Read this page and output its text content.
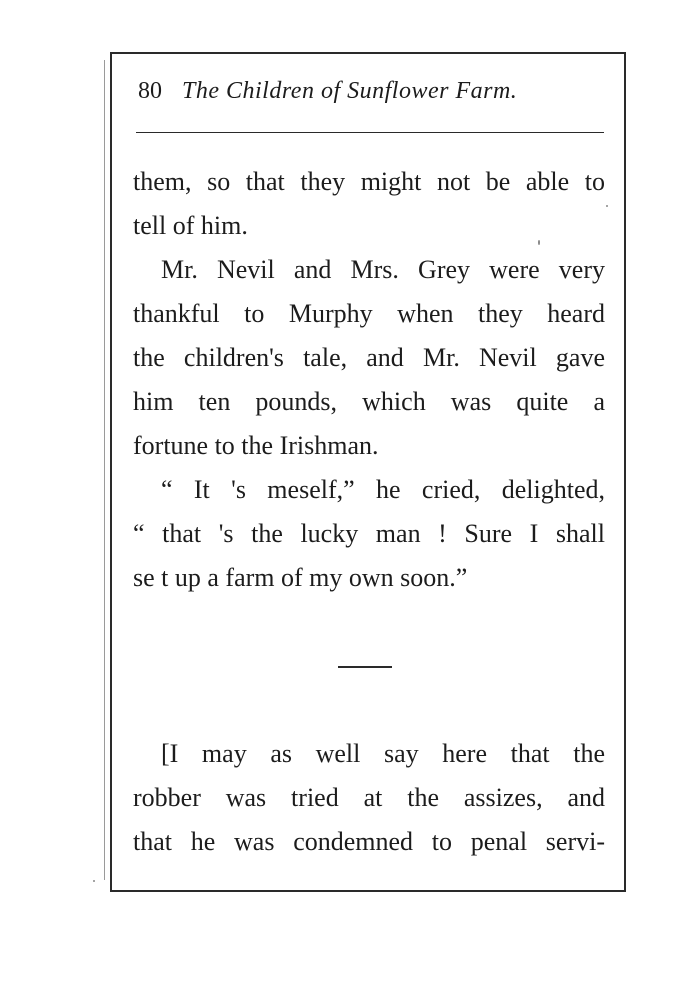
80 The Children of Sunflower Farm.
them, so that they might not be able to
tell of him.
Mr. Nevil and Mrs. Grey were very
thankful to Murphy when they heard
the children's tale, and Mr. Nevil gave
him ten pounds, which was quite a
fortune to the Irishman.
“ It 's meself,” he cried, delighted,
“ that 's the lucky man ! Sure I shall
se t up a farm of my own soon.”
[I may as well say here that the
robber was tried at the assizes, and
that he was condemned to penal servi-
